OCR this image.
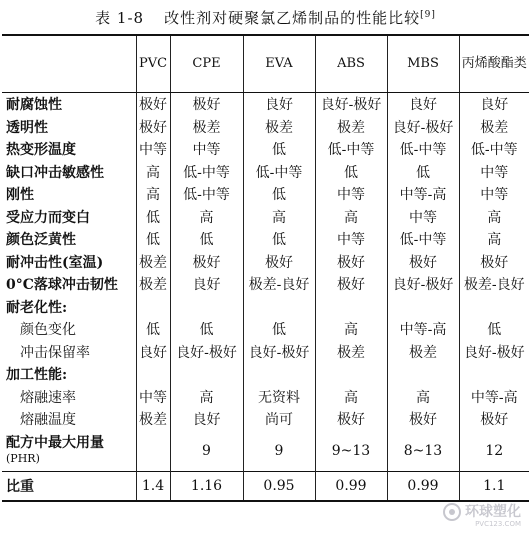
表 1-8 改性剂对硬聚氯乙烯制品的性能比较[9]
	PVC	CPE	EVA	ABS	MBS	丙烯酸酯类
耐腐蚀性	极好	极好	良好	良好-极好	良好	良好
透明性	极好	极差	极差	极差	良好-极好	极差
热变形温度	中等	中等	低	低-中等	低-中等	低-中等
缺口冲击敏感性	高	低-中等	低-中等	低	低	中等
刚性	高	低-中等	低	中等	中等-高	中等
受应力而变白	低	高	高	高	中等	高
颜色泛黄性	低	低	低	中等	低-中等	高
耐冲击性(室温)	极差	极好	极好	极好	极好	极好
0°C落球冲击韧性	极差	良好	极差-良好	极好	良好-极好	极差-良好
耐老化性:						
颜色变化	低	低	低	高	中等-高	低
冲击保留率	良好	良好-极好	良好-极好	极差	极差	良好-极好
加工性能:						
熔融速率	中等	高	无资料	高	高	中等-高
熔融温度	极差	良好	尚可	极好	极好	极好
配方中最大用量
(PHR)		9	9	9~13	8~13	12
比重	1.4	1.16	0.95	0.99	0.99	1.1
环球塑化
PVC123.COM
